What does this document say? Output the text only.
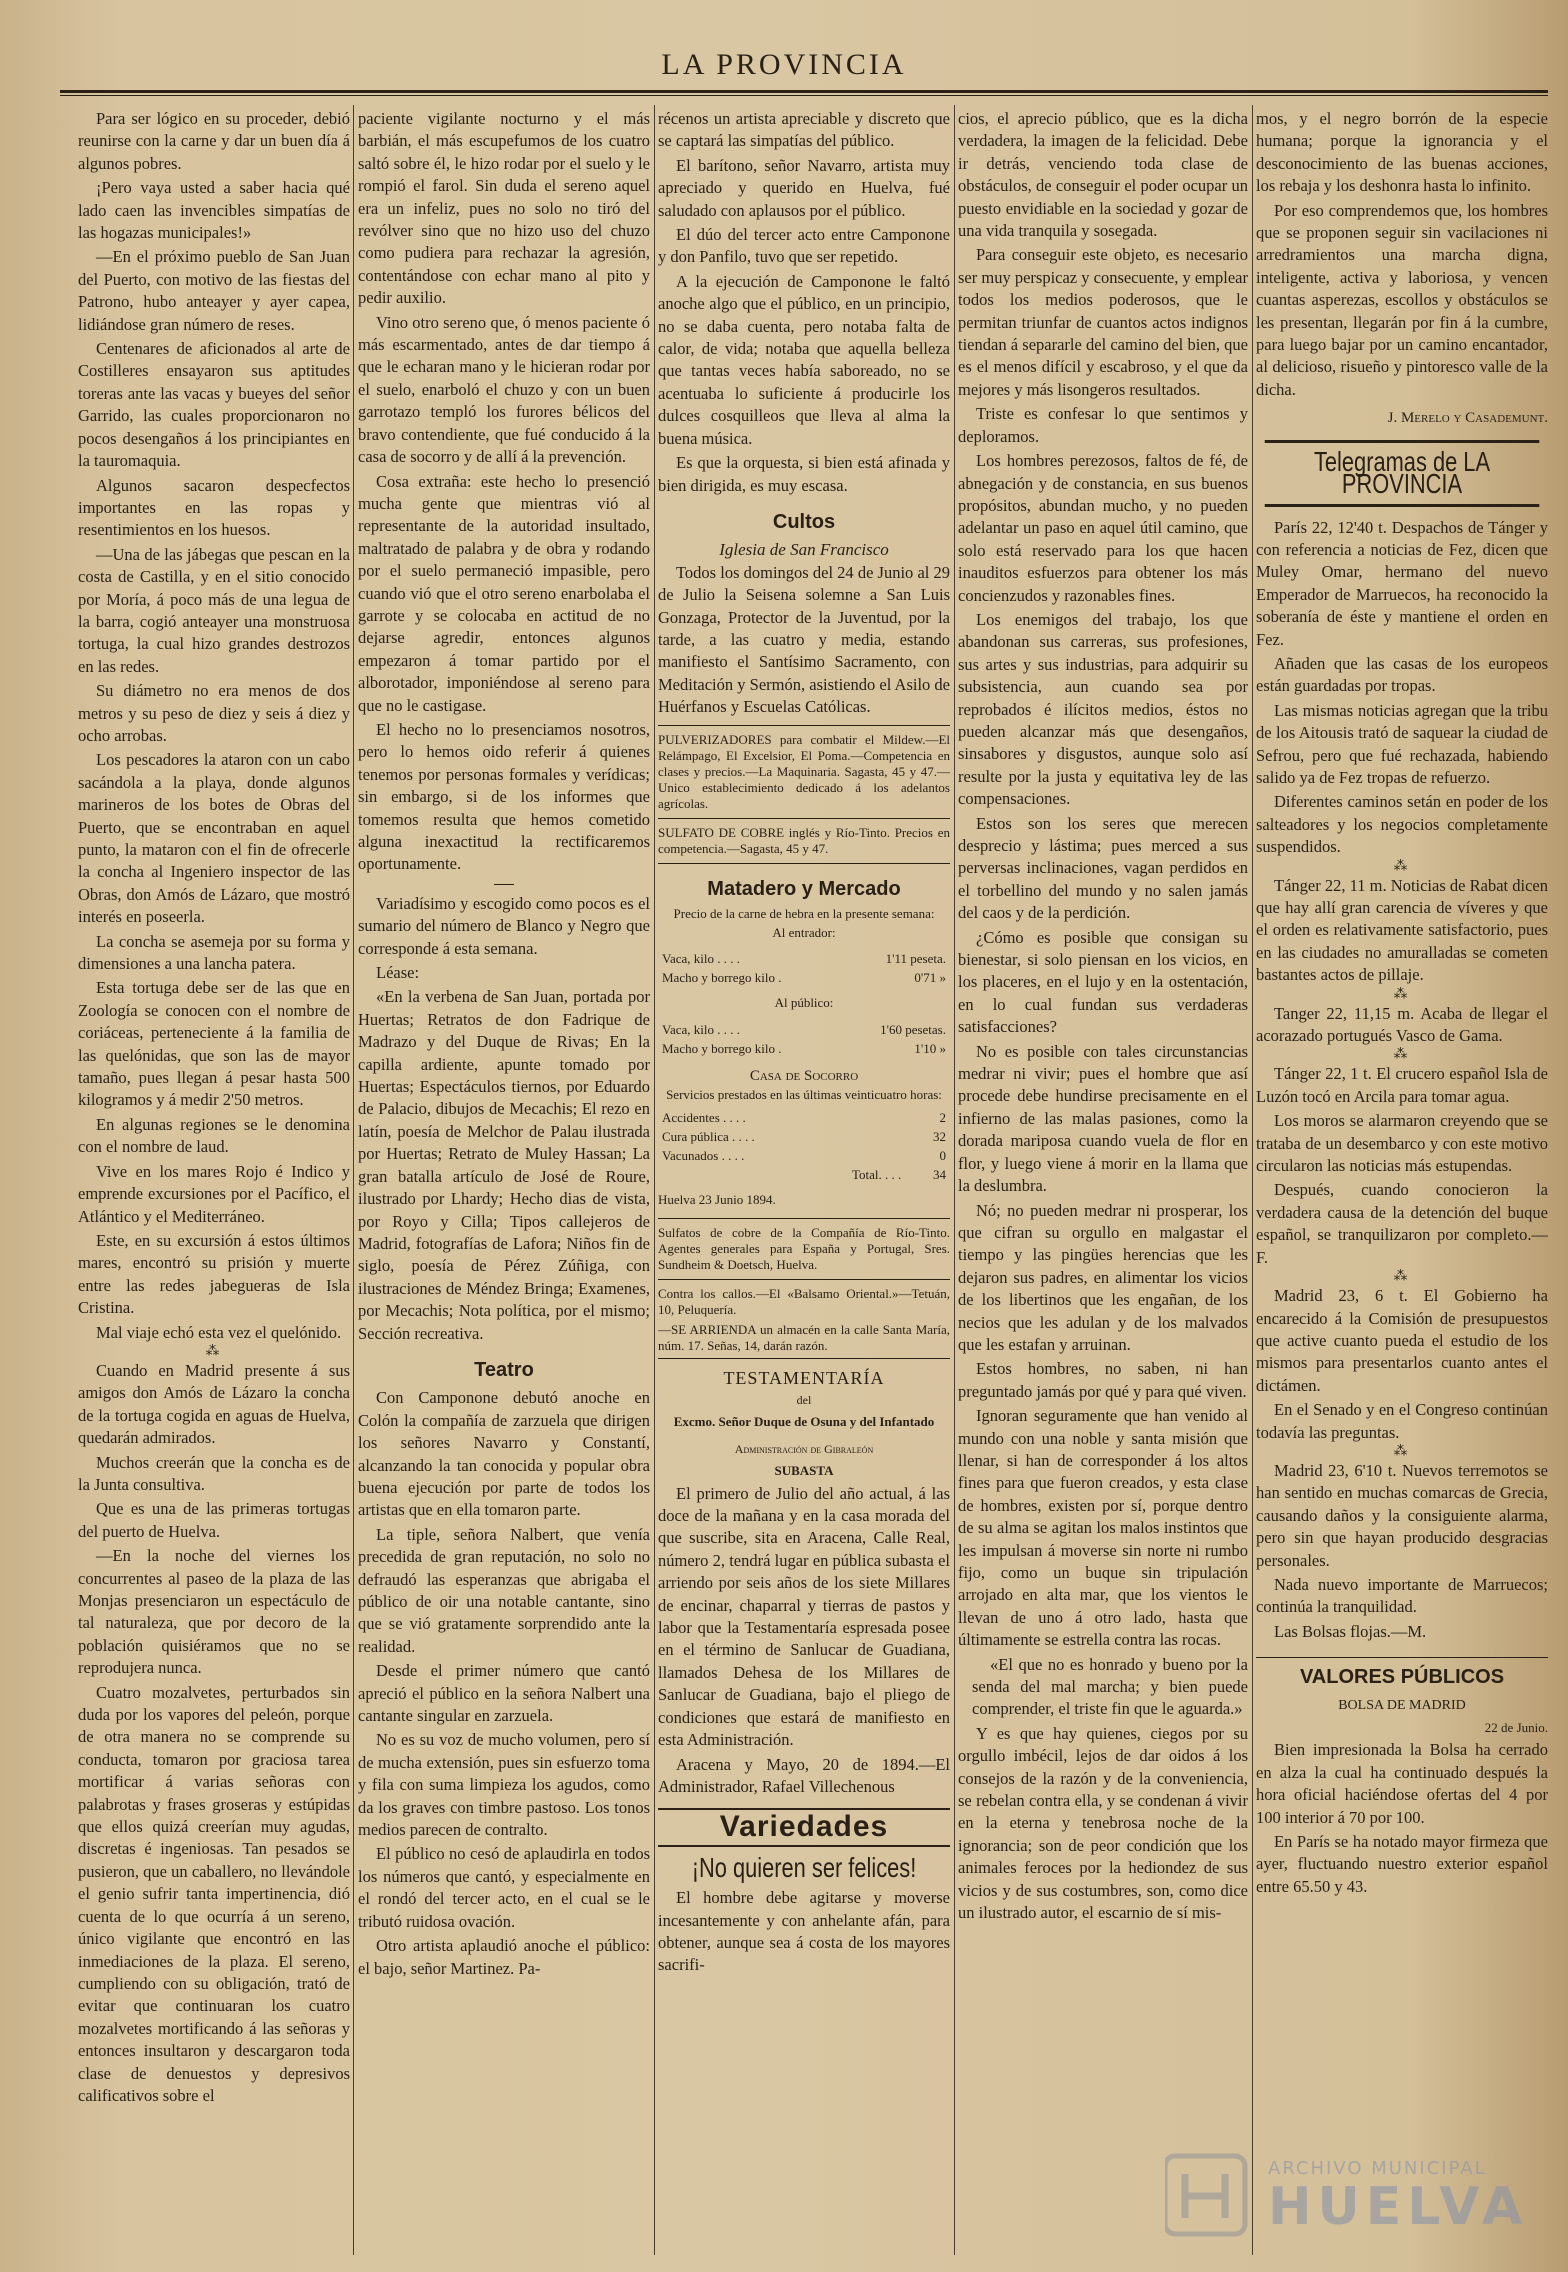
LA PROVINCIA

Para ser lógico en su proceder, debió reunirse con la carne y dar un buen día á algunos pobres.

¡Pero vaya usted a saber hacia qué lado caen las invencibles simpatías de las hogazas municipales!»

—En el próximo pueblo de San Juan del Puerto, con motivo de las fiestas del Patrono, hubo anteayer y ayer capea, lidiándose gran número de reses.

Centenares de aficionados al arte de Costilleres ensayaron sus aptitudes toreras ante las vacas y bueyes del señor Garrido, las cuales proporcionaron no pocos desengaños á los principiantes en la tauromaquia.

Algunos sacaron despecfectos importantes en las ropas y resentimientos en los huesos.

—Una de las jábegas que pescan en la costa de Castilla, y en el sitio conocido por Moría, á poco más de una legua de la barra, cogió anteayer una monstruosa tortuga, la cual hizo grandes destrozos en las redes.

Su diámetro no era menos de dos metros y su peso de diez y seis á diez y ocho arrobas.

Los pescadores la ataron con un cabo sacándola a la playa, donde algunos marineros de los botes de Obras del Puerto, que se encontraban en aquel punto, la mataron con el fin de ofrecerle la concha al Ingeniero inspector de las Obras, don Amós de Lázaro, que mostró interés en poseerla.

La concha se asemeja por su forma y dimensiones a una lancha patera.

Esta tortuga debe ser de las que en Zoología se conocen con el nombre de coriáceas, perteneciente á la familia de las quelónidas, que son las de mayor tamaño, pues llegan á pesar hasta 500 kilogramos y á medir 2'50 metros.

En algunas regiones se le denomina con el nombre de laud.

Vive en los mares Rojo é Indico y emprende excursiones por el Pacífico, el Atlántico y el Mediterráneo.

Este, en su excursión á estos últimos mares, encontró su prisión y muerte entre las redes jabegueras de Isla Cristina.

Mal viaje echó esta vez el quelónido.

⁂

Cuando en Madrid presente á sus amigos don Amós de Lázaro la concha de la tortuga cogida en aguas de Huelva, quedarán admirados.

Muchos creerán que la concha es de la Junta consultiva.

Que es una de las primeras tortugas del puerto de Huelva.

—En la noche del viernes los concurrentes al paseo de la plaza de las Monjas presenciaron un espectáculo de tal naturaleza, que por decoro de la población quisiéramos que no se reprodujera nunca.

Cuatro mozalvetes, perturbados sin duda por los vapores del peleón, porque de otra manera no se comprende su conducta, tomaron por graciosa tarea mortificar á varias señoras con palabrotas y frases groseras y estúpidas que ellos quizá creerían muy agudas, discretas é ingeniosas. Tan pesados se pusieron, que un caballero, no llevándole el genio sufrir tanta impertinencia, dió cuenta de lo que ocurría á un sereno, único vigilante que encontró en las inmediaciones de la plaza. El sereno, cumpliendo con su obligación, trató de evitar que continuaran los cuatro mozalvetes mortificando á las señoras y entonces insultaron y descargaron toda clase de denuestos y depresivos calificativos sobre el

paciente vigilante nocturno y el más barbián, el más escupefumos de los cuatro saltó sobre él, le hizo rodar por el suelo y le rompió el farol. Sin duda el sereno aquel era un infeliz, pues no solo no tiró del revólver sino que no hizo uso del chuzo como pudiera para rechazar la agresión, contentándose con echar mano al pito y pedir auxilio.

Vino otro sereno que, ó menos paciente ó más escarmentado, antes de dar tiempo á que le echaran mano y le hicieran rodar por el suelo, enarboló el chuzo y con un buen garrotazo templó los furores bélicos del bravo contendiente, que fué conducido á la casa de socorro y de allí á la prevención.

Cosa extraña: este hecho lo presenció mucha gente que mientras vió al representante de la autoridad insultado, maltratado de palabra y de obra y rodando por el suelo permaneció impasible, pero cuando vió que el otro sereno enarbolaba el garrote y se colocaba en actitud de no dejarse agredir, entonces algunos empezaron á tomar partido por el alborotador, imponiéndose al sereno para que no le castigase.

El hecho no lo presenciamos nosotros, pero lo hemos oido referir á quienes tenemos por personas formales y verídicas; sin embargo, si de los informes que tomemos resulta que hemos cometido alguna inexactitud la rectificaremos oportunamente.

Variadísimo y escogido como pocos es el sumario del número de Blanco y Negro que corresponde á esta semana.

Léase:

«En la verbena de San Juan, portada por Huertas; Retratos de don Fadrique de Madrazo y del Duque de Rivas; En la capilla ardiente, apunte tomado por Huertas; Espectáculos tiernos, por Eduardo de Palacio, dibujos de Mecachis; El rezo en latín, poesía de Melchor de Palau ilustrada por Huertas; Retrato de Muley Hassan; La gran batalla artículo de José de Roure, ilustrado por Lhardy; Hecho dias de vista, por Royo y Cilla; Tipos callejeros de Madrid, fotografías de Lafora; Niños fin de siglo, poesía de Pérez Zúñiga, con ilustraciones de Méndez Bringa; Examenes, por Mecachis; Nota política, por el mismo; Sección recreativa.

Teatro

Con Camponone debutó anoche en Colón la compañía de zarzuela que dirigen los señores Navarro y Constantí, alcanzando la tan conocida y popular obra buena ejecución por parte de todos los artistas que en ella tomaron parte.

La tiple, señora Nalbert, que venía precedida de gran reputación, no solo no defraudó las esperanzas que abrigaba el público de oir una notable cantante, sino que se vió gratamente sorprendido ante la realidad.

Desde el primer número que cantó apreció el público en la señora Nalbert una cantante singular en zarzuela.

No es su voz de mucho volumen, pero sí de mucha extensión, pues sin esfuerzo toma y fila con suma limpieza los agudos, como da los graves con timbre pastoso. Los tonos medios parecen de contralto.

El público no cesó de aplaudirla en todos los números que cantó, y especialmente en el rondó del tercer acto, en el cual se le tributó ruidosa ovación.

Otro artista aplaudió anoche el público: el bajo, señor Martinez. Pa-

récenos un artista apreciable y discreto que se captará las simpatías del público.

El barítono, señor Navarro, artista muy apreciado y querido en Huelva, fué saludado con aplausos por el público.

El dúo del tercer acto entre Camponone y don Panfilo, tuvo que ser repetido.

A la ejecución de Camponone le faltó anoche algo que el público, en un principio, no se daba cuenta, pero notaba falta de calor, de vida; notaba que aquella belleza que tantas veces había saboreado, no se acentuaba lo suficiente á producirle los dulces cosquilleos que lleva al alma la buena música.

Es que la orquesta, si bien está afinada y bien dirigida, es muy escasa.

Cultos
Iglesia de San Francisco

Todos los domingos del 24 de Junio al 29 de Julio la Seisena solemne a San Luis Gonzaga, Protector de la Juventud, por la tarde, a las cuatro y media, estando manifiesto el Santísimo Sacramento, con Meditación y Sermón, asistiendo el Asilo de Huérfanos y Escuelas Católicas.

PULVERIZADORES para combatir el Mildew.—El Relámpago, El Excelsior, El Poma.—Competencia en clases y precios.—La Maquinaria. Sagasta, 45 y 47.—Unico establecimiento dedicado á los adelantos agrícolas.
SULFATO DE COBRE inglés y Río-Tinto. Precios en competencia.—Sagasta, 45 y 47.
Matadero y Mercado
Precio de la carne de hebra en la presente semana:
Al entrador:
Vaca, kilo . . . .	1'11 peseta.
Macho y borrego kilo .	0'71 »
Al público:
Vaca, kilo . . . .	1'60 pesetas.
Macho y borrego kilo .	1'10 »
Casa de Socorro
Servicios prestados en las últimas veinticuatro horas:
Accidentes . . . .	2
Cura pública . . . .	32
Vacunados . . . .	0
Total. . . .	34
Huelva 23 Junio 1894.
Sulfatos de cobre de la Compañía de Río-Tinto. Agentes generales para España y Portugal, Sres. Sundheim & Doetsch, Huelva.
Contra los callos.—El «Balsamo Oriental.»—Tetuán, 10, Peluquería.
—SE ARRIENDA un almacén en la calle Santa María, núm. 17. Señas, 14, darán razón.
TESTAMENTARÍA
del
Excmo. Señor Duque de Osuna y del Infantado
Administración de Gibraleón
SUBASTA

El primero de Julio del año actual, á las doce de la mañana y en la casa morada del que suscribe, sita en Aracena, Calle Real, número 2, tendrá lugar en pública subasta el arriendo por seis años de los siete Millares de encinar, chaparral y tierras de pastos y labor que la Testamentaría espresada posee en el término de Sanlucar de Guadiana, llamados Dehesa de los Millares de Sanlucar de Guadiana, bajo el pliego de condiciones que estará de manifiesto en esta Administración.

Aracena y Mayo, 20 de 1894.—El Administrador, Rafael Villechenous

Variedades
¡No quieren ser felices!

El hombre debe agitarse y moverse incesantemente y con anhelante afán, para obtener, aunque sea á costa de los mayores sacrifi-

cios, el aprecio público, que es la dicha verdadera, la imagen de la felicidad. Debe ir detrás, venciendo toda clase de obstáculos, de conseguir el poder ocupar un puesto envidiable en la sociedad y gozar de una vida tranquila y sosegada.

Para conseguir este objeto, es necesario ser muy perspicaz y consecuente, y emplear todos los medios poderosos, que le permitan triunfar de cuantos actos indignos tiendan á separarle del camino del bien, que es el menos difícil y escabroso, y el que da mejores y más lisongeros resultados.

Triste es confesar lo que sentimos y deploramos.

Los hombres perezosos, faltos de fé, de abnegación y de constancia, en sus buenos propósitos, abundan mucho, y no pueden adelantar un paso en aquel útil camino, que solo está reservado para los que hacen inauditos esfuerzos para obtener los más concienzudos y razonables fines.

Los enemigos del trabajo, los que abandonan sus carreras, sus profesiones, sus artes y sus industrias, para adquirir su subsistencia, aun cuando sea por reprobados é ilícitos medios, éstos no pueden alcanzar más que desengaños, sinsabores y disgustos, aunque solo así resulte por la justa y equitativa ley de las compensaciones.

Estos son los seres que merecen desprecio y lástima; pues merced a sus perversas inclinaciones, vagan perdidos en el torbellino del mundo y no salen jamás del caos y de la perdición.

¿Cómo es posible que consigan su bienestar, si solo piensan en los vicios, en los placeres, en el lujo y en la ostentación, en lo cual fundan sus verdaderas satisfacciones?

No es posible con tales circunstancias medrar ni vivir; pues el hombre que así procede debe hundirse precisamente en el infierno de las malas pasiones, como la dorada mariposa cuando vuela de flor en flor, y luego viene á morir en la llama que la deslumbra.

Nó; no pueden medrar ni prosperar, los que cifran su orgullo en malgastar el tiempo y las pingües herencias que les dejaron sus padres, en alimentar los vicios de los libertinos que les engañan, de los necios que les adulan y de los malvados que les estafan y arruinan.

Estos hombres, no saben, ni han preguntado jamás por qué y para qué viven.

Ignoran seguramente que han venido al mundo con una noble y santa misión que llenar, si han de corresponder á los altos fines para que fueron creados, y esta clase de hombres, existen por sí, porque dentro de su alma se agitan los malos instintos que les impulsan á moverse sin norte ni rumbo fijo, como un buque sin tripulación arrojado en alta mar, que los vientos le llevan de uno á otro lado, hasta que últimamente se estrella contra las rocas.

«El que no es honrado y bueno por la senda del mal marcha; y bien puede comprender, el triste fin que le aguarda.»

Y es que hay quienes, ciegos por su orgullo imbécil, lejos de dar oidos á los consejos de la razón y de la conveniencia, se rebelan contra ella, y se condenan á vivir en la eterna y tenebrosa noche de la ignorancia; son de peor condición que los animales feroces por la hediondez de sus vicios y de sus costumbres, son, como dice un ilustrado autor, el escarnio de sí mis-

mos, y el negro borrón de la especie humana; porque la ignorancia y el desconocimiento de las buenas acciones, los rebaja y los deshonra hasta lo infinito.

Por eso comprendemos que, los hombres que se proponen seguir sin vacilaciones ni arredramientos una marcha digna, inteligente, activa y laboriosa, y vencen cuantas asperezas, escollos y obstáculos se les presentan, llegarán por fin á la cumbre, para luego bajar por un camino encantador, al delicioso, risueño y pintoresco valle de la dicha.

J. Merelo y Casademunt.
Telegramas de LA PROVINCIA

París 22, 12'40 t. Despachos de Tánger y con referencia a noticias de Fez, dicen que Muley Omar, hermano del nuevo Emperador de Marruecos, ha reconocido la soberanía de éste y mantiene el orden en Fez.

Añaden que las casas de los europeos están guardadas por tropas.

Las mismas noticias agregan que la tribu de los Aitousis trató de saquear la ciudad de Sefrou, pero que fué rechazada, habiendo salido ya de Fez tropas de refuerzo.

Diferentes caminos setán en poder de los salteadores y los negocios completamente suspendidos.

⁂

Tánger 22, 11 m. Noticias de Rabat dicen que hay allí gran carencia de víveres y que el orden es relativamente satisfactorio, pues en las ciudades no amuralladas se cometen bastantes actos de pillaje.

⁂

Tanger 22, 11,15 m. Acaba de llegar el acorazado portugués Vasco de Gama.

⁂

Tánger 22, 1 t. El crucero español Isla de Luzón tocó en Arcila para tomar agua.

Los moros se alarmaron creyendo que se trataba de un desembarco y con este motivo circularon las noticias más estupendas.

Después, cuando conocieron la verdadera causa de la detención del buque español, se tranquilizaron por completo.—F.

⁂

Madrid 23, 6 t. El Gobierno ha encarecido á la Comisión de presupuestos que active cuanto pueda el estudio de los mismos para presentarlos cuanto antes el dictámen.

En el Senado y en el Congreso continúan todavía las preguntas.

⁂

Madrid 23, 6'10 t. Nuevos terremotos se han sentido en muchas comarcas de Grecia, causando daños y la consiguiente alarma, pero sin que hayan producido desgracias personales.

Nada nuevo importante de Marruecos; continúa la tranquilidad.

Las Bolsas flojas.—M.

VALORES PÚBLICOS
BOLSA DE MADRID
22 de Junio.

Bien impresionada la Bolsa ha cerrado en alza la cual ha continuado después la hora oficial haciéndose ofertas del 4 por 100 interior á 70 por 100.

En París se ha notado mayor firmeza que ayer, fluctuando nuestro exterior español entre 65.50 y 43.

ARCHIVO MUNICIPAL
HUELVA
